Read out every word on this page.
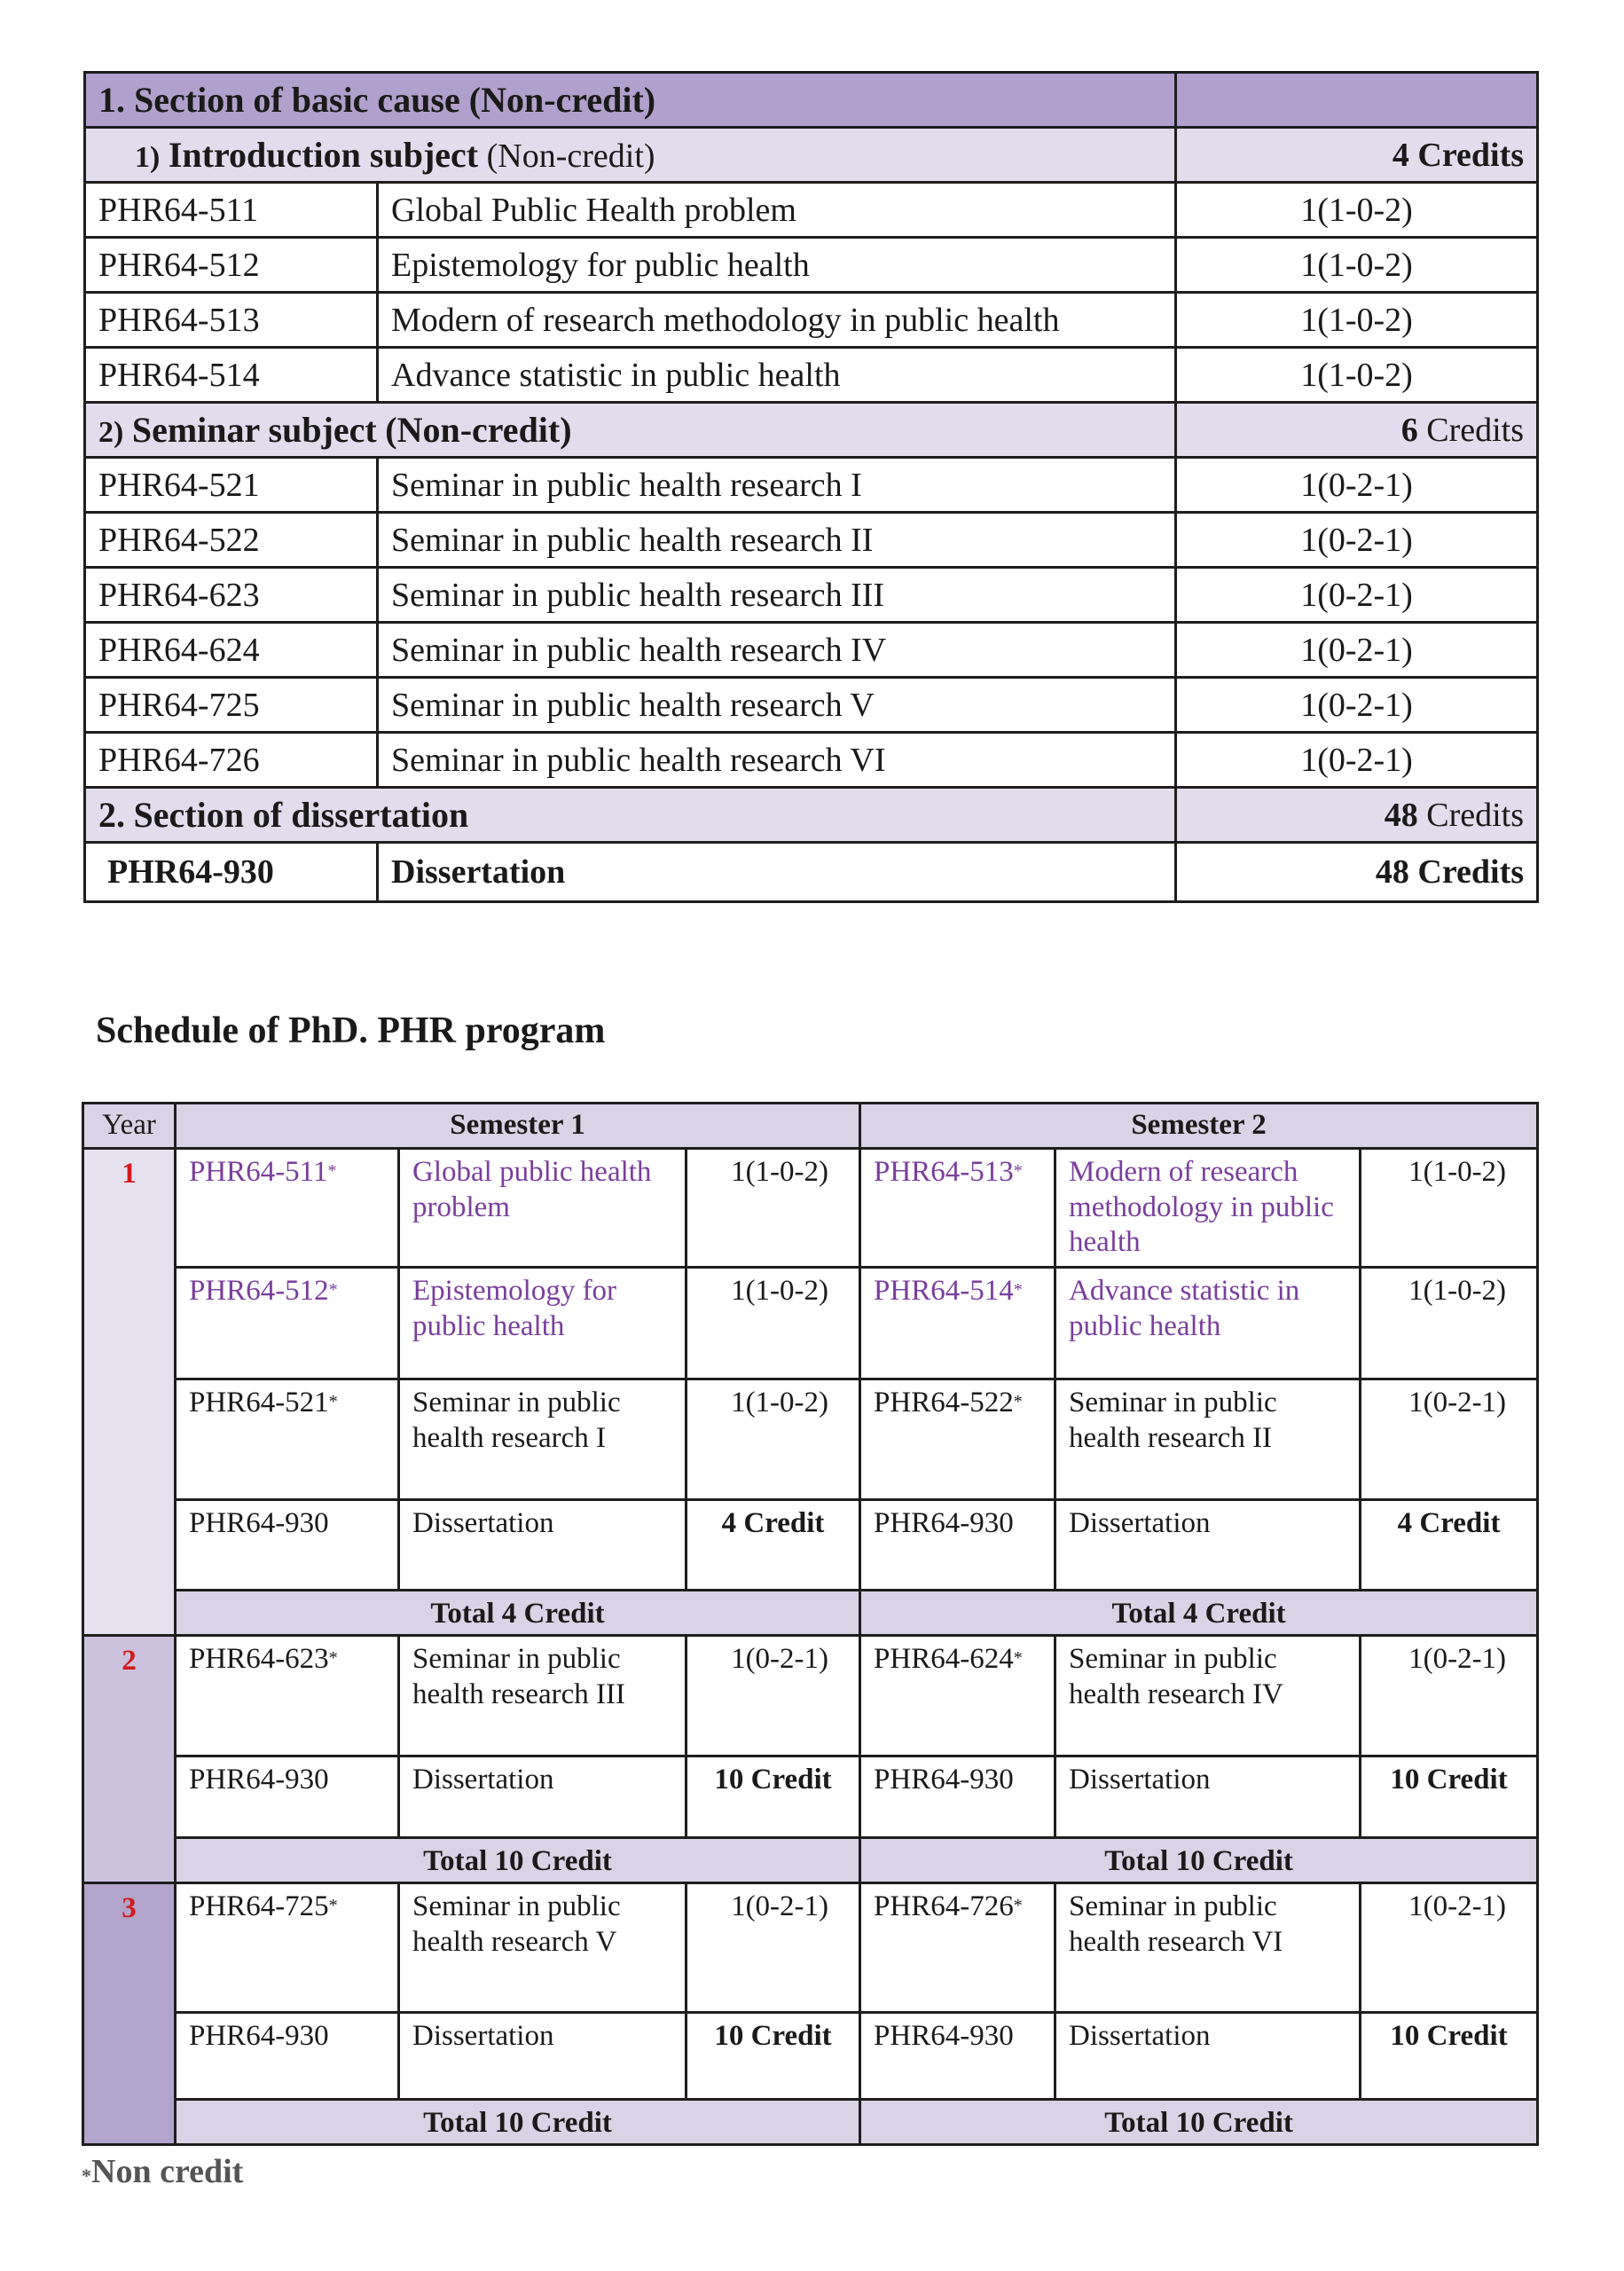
1. Section of basic cause (Non-credit)		
1) Introduction subject (Non-credit)		4 Credits
PHR64-511	Global Public Health problem	1(1-0-2)
PHR64-512	Epistemology for public health	1(1-0-2)
PHR64-513	Modern of research methodology in public health	1(1-0-2)
PHR64-514	Advance statistic in public health	1(1-0-2)
2) Seminar subject (Non-credit)		6 Credits
PHR64-521	Seminar in public health research I	1(0-2-1)
PHR64-522	Seminar in public health research II	1(0-2-1)
PHR64-623	Seminar in public health research III	1(0-2-1)
PHR64-624	Seminar in public health research IV	1(0-2-1)
PHR64-725	Seminar in public health research V	1(0-2-1)
PHR64-726	Seminar in public health research VI	1(0-2-1)
2. Section of dissertation		48 Credits
PHR64-930	Dissertation	48 Credits
Schedule of PhD. PHR program
Year	Semester 1			Semester 2		
1	PHR64-511*	Global public health problem	1(1-0-2)	PHR64-513*	Modern of research methodology in public health	1(1-0-2)
	PHR64-512*	Epistemology for public health	1(1-0-2)	PHR64-514*	Advance statistic in public health	1(1-0-2)
	PHR64-521*	Seminar in public health research I	1(1-0-2)	PHR64-522*	Seminar in public health research II	1(0-2-1)
	PHR64-930	Dissertation	4 Credit	PHR64-930	Dissertation	4 Credit
	Total 4 Credit			Total 4 Credit		
2	PHR64-623*	Seminar in public health research III	1(0-2-1)	PHR64-624*	Seminar in public health research IV	1(0-2-1)
	PHR64-930	Dissertation	10 Credit	PHR64-930	Dissertation	10 Credit
	Total 10 Credit			Total 10 Credit		
3	PHR64-725*	Seminar in public health research V	1(0-2-1)	PHR64-726*	Seminar in public health research VI	1(0-2-1)
	PHR64-930	Dissertation	10 Credit	PHR64-930	Dissertation	10 Credit
	Total 10 Credit			Total 10 Credit		
*Non credit
